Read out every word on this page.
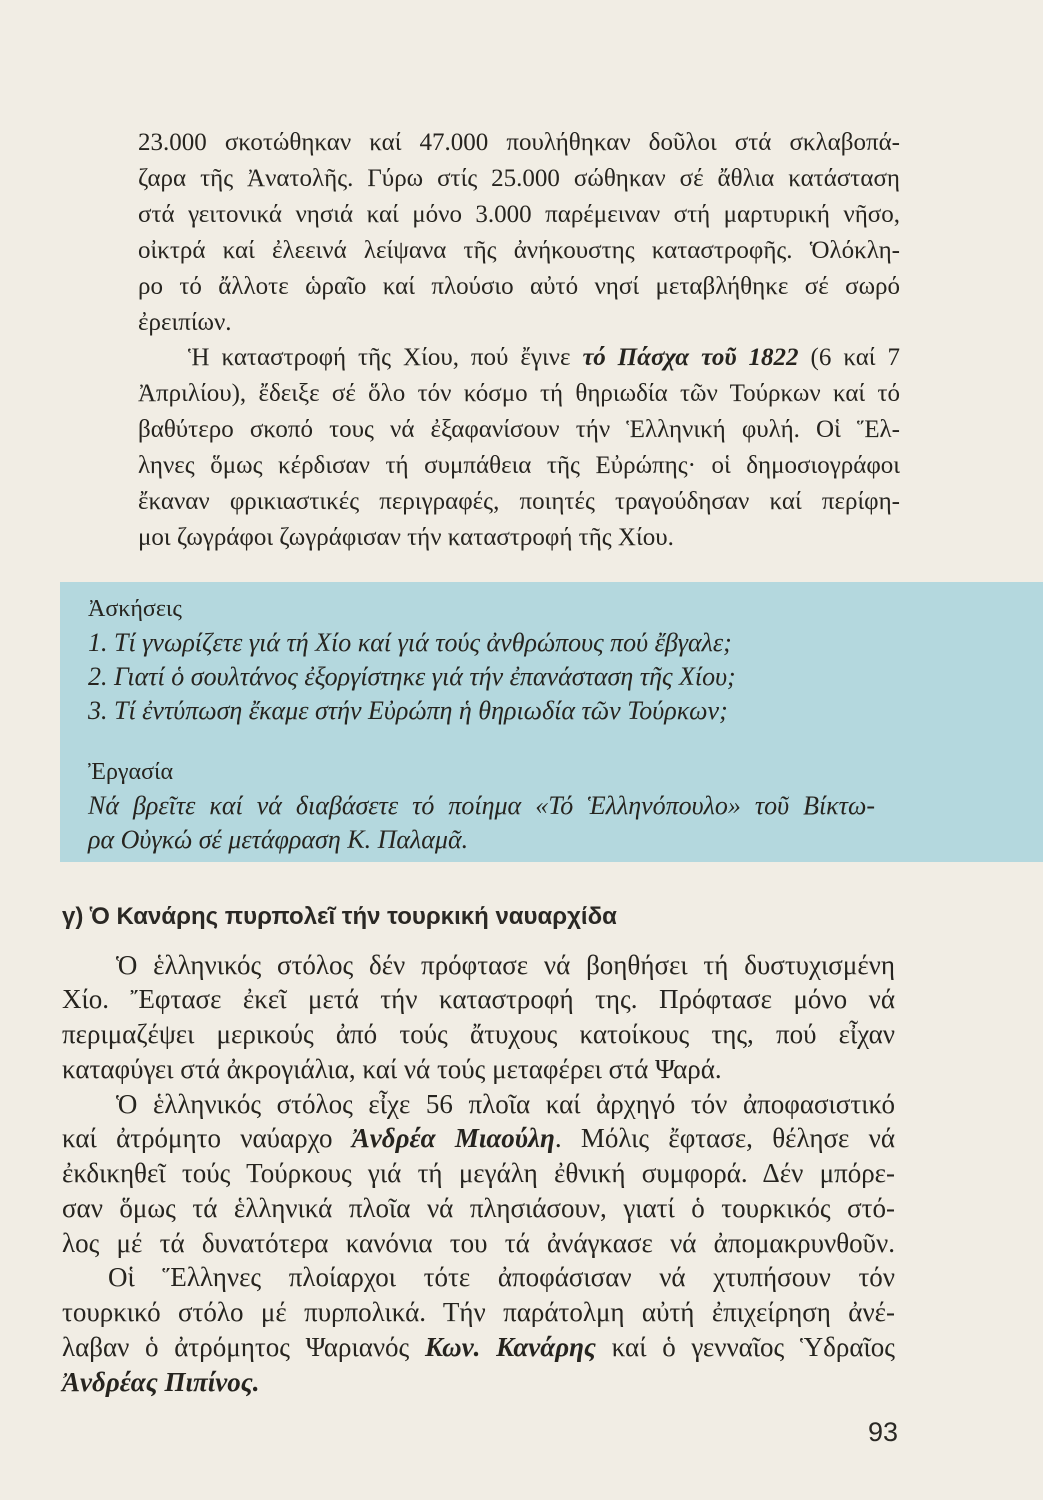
23.000 σκοτώθηκαν καί 47.000 πουλήθηκαν δοῦλοι στά σκλαβοπά-
ζαρα τῆς Ἀνατολῆς. Γύρω στίς 25.000 σώθηκαν σέ ἄθλια κατάσταση
στά γειτονικά νησιά καί μόνο 3.000 παρέμειναν στή μαρτυρική νῆσο,
οἰκτρά καί ἐλεεινά λείψανα τῆς ἀνήκουστης καταστροφῆς. Ὁλόκλη-
ρο τό ἄλλοτε ὡραῖο καί πλούσιο αὐτό νησί μεταβλήθηκε σέ σωρό
ἐρειπίων.
Ἡ καταστροφή τῆς Χίου, πού ἔγινε τό Πάσχα τοῦ 1822 (6 καί 7
Ἀπριλίου), ἔδειξε σέ ὅλο τόν κόσμο τή θηριωδία τῶν Τούρκων καί τό
βαθύτερο σκοπό τους νά ἐξαφανίσουν τήν Ἑλληνική φυλή. Οἱ Ἕλ-
ληνες ὅμως κέρδισαν τή συμπάθεια τῆς Εὐρώπης· οἱ δημοσιογράφοι
ἔκαναν φρικιαστικές περιγραφές, ποιητές τραγούδησαν καί περίφη-
μοι ζωγράφοι ζωγράφισαν τήν καταστροφή τῆς Χίου.
Ἀσκήσεις
1. Τί γνωρίζετε γιά τή Χίο καί γιά τούς ἀνθρώπους πού ἔβγαλε;
2. Γιατί ὁ σουλτάνος ἐξοργίστηκε γιά τήν ἐπανάσταση τῆς Χίου;
3. Τί ἐντύπωση ἔκαμε στήν Εὐρώπη ἡ θηριωδία τῶν Τούρκων;
Ἐργασία
Νά βρεῖτε καί νά διαβάσετε τό ποίημα «Τό Ἑλληνόπουλο» τοῦ Βίκτω-
ρα Οὐγκώ σέ μετάφραση Κ. Παλαμᾶ.
γ) Ὁ Κανάρης πυρπολεῖ τήν τουρκική ναυαρχίδα
Ὁ ἑλληνικός στόλος δέν πρόφτασε νά βοηθήσει τή δυστυχισμένη
Χίο. Ἔφτασε ἐκεῖ μετά τήν καταστροφή της. Πρόφτασε μόνο νά
περιμαζέψει μερικούς ἀπό τούς ἄτυχους κατοίκους της, πού εἶχαν
καταφύγει στά ἀκρογιάλια, καί νά τούς μεταφέρει στά Ψαρά.
Ὁ ἑλληνικός στόλος εἶχε 56 πλοῖα καί ἀρχηγό τόν ἀποφασιστικό
καί ἀτρόμητο ναύαρχο Ἀνδρέα Μιαούλη. Μόλις ἔφτασε, θέλησε νά
ἐκδικηθεῖ τούς Τούρκους γιά τή μεγάλη ἐθνική συμφορά. Δέν μπόρε-
σαν ὅμως τά ἑλληνικά πλοῖα νά πλησιάσουν, γιατί ὁ τουρκικός στό-
λος μέ τά δυνατότερα κανόνια του τά ἀνάγκασε νά ἀπομακρυνθοῦν.
Οἱ Ἕλληνες πλοίαρχοι τότε ἀποφάσισαν νά χτυπήσουν τόν
τουρκικό στόλο μέ πυρπολικά. Τήν παράτολμη αὐτή ἐπιχείρηση ἀνέ-
λαβαν ὁ ἀτρόμητος Ψαριανός Κων. Κανάρης καί ὁ γενναῖος Ὑδραῖος
Ἀνδρέας Πιπίνος.
93
